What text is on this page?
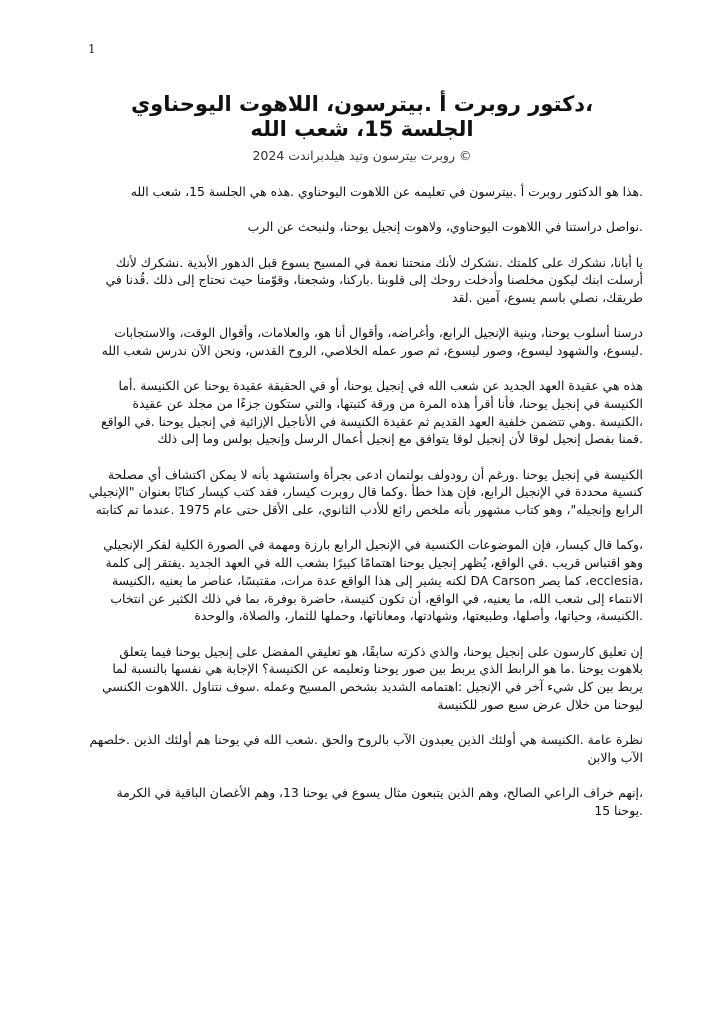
1
،دكتور روبرت أ .بيترسون، اللاهوت اليوحناوي
الجلسة 15، شعب الله
روبرت بيترسون وتيد هيلدبراندت 2024 ©

.هذا هو الدكتور روبرت أ .بيترسون في تعليمه عن اللاهوت اليوحناوي .هذه هي الجلسة 15، شعب الله

.نواصل دراستنا في اللاهوت اليوحناوي، ولاهوت إنجيل يوحنا، ولنبحث عن الرب

يا أبانا، نشكرك على كلمتك .نشكرك لأنك منحتنا نعمة في المسيح يسوع قبل الدهور الأبدية .نشكرك لأنك أرسلت ابنك ليكون مخلصنا وأدخلت روحك إلى قلوبنا .باركنا، وشجعنا، وقوّمنا حيث نحتاج إلى ذلك .قُدنا في طريقك، نصلي باسم يسوع، آمين .لقد

درسنا أسلوب يوحنا، وبنية الإنجيل الرابع، وأغراضه، وأقوال أنا هو، والعلامات، وأقوال الوقت، والاستجابات .ليسوع، والشهود ليسوع، وصور ليسوع، ثم صور عمله الخلاصي، الروح القدس، ونحن الآن ندرس شعب الله

هذه هي عقيدة العهد الجديد عن شعب الله في إنجيل يوحنا، أو في الحقيقة عقيدة يوحنا عن الكنيسة .أما الكنيسة في إنجيل يوحنا، فأنا أقرأ هذه المرة من ورقة كتبتها، والتي ستكون جزءًا من مجلد عن عقيدة ،الكنيسة .وهي تتضمن خلفية العهد القديم ثم عقيدة الكنيسة في الأناجيل الإزائية في إنجيل يوحنا .في الواقع .قمنا بفصل إنجيل لوقا لأن إنجيل لوقا يتوافق مع إنجيل أعمال الرسل وإنجيل بولس وما إلى ذلك

الكنيسة في إنجيل يوحنا .ورغم أن رودولف بولتمان ادعى بجرأة واستشهد بأنه لا يمكن اكتشاف أي مصلحة كنسية محددة في الإنجيل الرابع، فإن هذا خطأ .وكما قال روبرت كيسار، فقد كتب كيسار كتابًا بعنوان "الإنجيلي الرابع وإنجيله"، وهو كتاب مشهور بأنه ملخص رائع للأدب الثانوي، على الأقل حتى عام 1975 .عندما تم كتابته

،وكما قال كيسار، فإن الموضوعات الكنسية في الإنجيل الرابع بارزة ومهمة في الصورة الكلية لفكر الإنجيلي وهو اقتباس قريب .في الواقع، يُظهر إنجيل يوحنا اهتمامًا كبيرًا بشعب الله في العهد الجديد .يفتقر إلى كلمة ،ecclesia، كما يصر DA Carson لكنه يشير إلى هذا الواقع عدة مرات، مقتبسًا، عناصر ما يعنيه ،الكنيسة الانتماء إلى شعب الله، ما يعنيه، في الواقع، أن تكون كنيسة، حاضرة بوفرة، بما في ذلك الكثير عن انتخاب .الكنيسة، وحياتها، وأصلها، وطبيعتها، وشهادتها، ومعاناتها، وحملها للثمار، والصلاة، والوحدة

إن تعليق كارسون على إنجيل يوحنا، والذي ذكرته سابقًا، هو تعليقي المفضل على إنجيل يوحنا فيما يتعلق بلاهوت يوحنا .ما هو الرابط الذي يربط بين صور يوحنا وتعليمه عن الكنيسة؟ الإجابة هي نفسها بالنسبة لما يربط بين كل شيء آخر في الإنجيل :اهتمامه الشديد بشخص المسيح وعمله .سوف نتناول .اللاهوت الكنسي ليوحنا من خلال عرض سبع صور للكنيسة

نظرة عامة .الكنيسة هي أولئك الذين يعبدون الآب بالروح والحق .شعب الله في يوحنا هم أولئك الذين .خلصهم الآب والابن

،إنهم خراف الراعي الصالح، وهم الذين يتبعون مثال يسوع في يوحنا 13، وهم الأغصان الباقية في الكرمة .يوحنا 15
